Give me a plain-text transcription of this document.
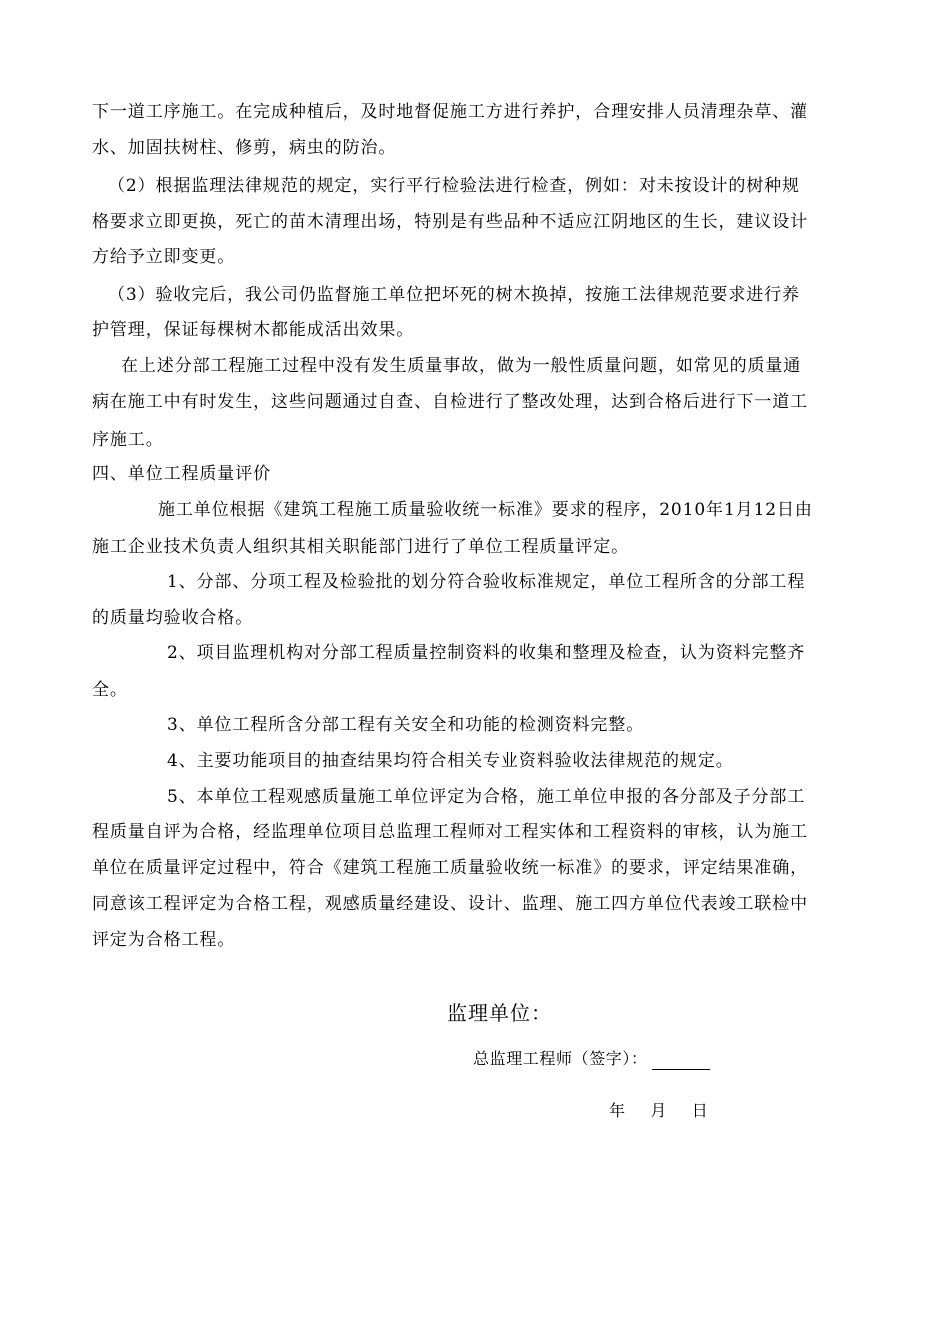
下一道工序施工。在完成种植后，及时地督促施工方进行养护，合理安排人员清理杂草、灌
水、加固扶树柱、修剪，病虫的防治。
（2）根据监理法律规范的规定，实行平行检验法进行检查，例如：对未按设计的树种规
格要求立即更换，死亡的苗木清理出场，特别是有些品种不适应江阴地区的生长，建议设计
方给予立即变更。
（3）验收完后，我公司仍监督施工单位把坏死的树木换掉，按施工法律规范要求进行养
护管理，保证每棵树木都能成活出效果。
在上述分部工程施工过程中没有发生质量事故，做为一般性质量问题，如常见的质量通
病在施工中有时发生，这些问题通过自查、自检进行了整改处理，达到合格后进行下一道工
序施工。
四、单位工程质量评价
施工单位根据《建筑工程施工质量验收统一标准》要求的程序，2010年1月12日由
施工企业技术负责人组织其相关职能部门进行了单位工程质量评定。
1、分部、分项工程及检验批的划分符合验收标准规定，单位工程所含的分部工程
的质量均验收合格。
2、项目监理机构对分部工程质量控制资料的收集和整理及检查，认为资料完整齐
全。
3、单位工程所含分部工程有关安全和功能的检测资料完整。
4、主要功能项目的抽查结果均符合相关专业资料验收法律规范的规定。
5、本单位工程观感质量施工单位评定为合格，施工单位申报的各分部及子分部工
程质量自评为合格，经监理单位项目总监理工程师对工程实体和工程资料的审核，认为施工
单位在质量评定过程中，符合《建筑工程施工质量验收统一标准》的要求，评定结果准确，
同意该工程评定为合格工程，观感质量经建设、设计、监理、施工四方单位代表竣工联检中
评定为合格工程。
监理单位：
总监理工程师（签字）：
年    月    日
